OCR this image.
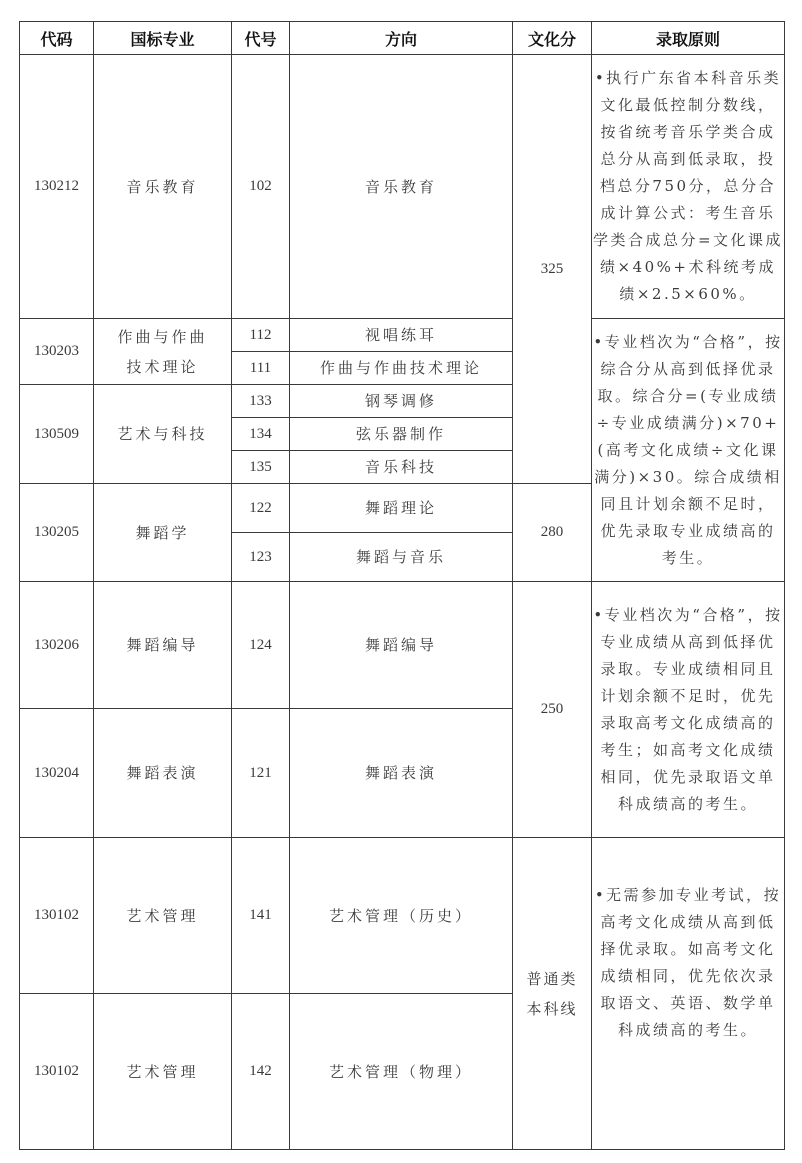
代码	国标专业	代号	方向	文化分	录取原则
130212	音乐教育	102	音乐教育	325	•执行广东省本科音乐类文化最低控制分数线，按省统考音乐学类合成总分从高到低录取，投档总分750分，总分合成计算公式：考生音乐学类合成总分=文化课成绩×40%+术科统考成绩×2.5×60%。
130203	作曲与作曲技术理论	112	视唱练耳		•专业档次为“合格”，按综合分从高到低择优录取。综合分=(专业成绩÷专业成绩满分)×70+(高考文化成绩÷文化课满分)×30。综合成绩相同且计划余额不足时，优先录取专业成绩高的考生。
		111	作曲与作曲技术理论		
130509	艺术与科技	133	钢琴调修		
		134	弦乐器制作		
		135	音乐科技		
130205	舞蹈学	122	舞蹈理论	280	
		123	舞蹈与音乐		
130206	舞蹈编导	124	舞蹈编导	250	•专业档次为“合格”，按专业成绩从高到低择优录取。专业成绩相同且计划余额不足时，优先录取高考文化成绩高的考生；如高考文化成绩相同，优先录取语文单科成绩高的考生。
130204	舞蹈表演	121	舞蹈表演		
130102	艺术管理	141	艺术管理（历史）	普通类本科线	•无需参加专业考试，按高考文化成绩从高到低择优录取。如高考文化成绩相同，优先依次录取语文、英语、数学单科成绩高的考生。
130102	艺术管理	142	艺术管理（物理）		
